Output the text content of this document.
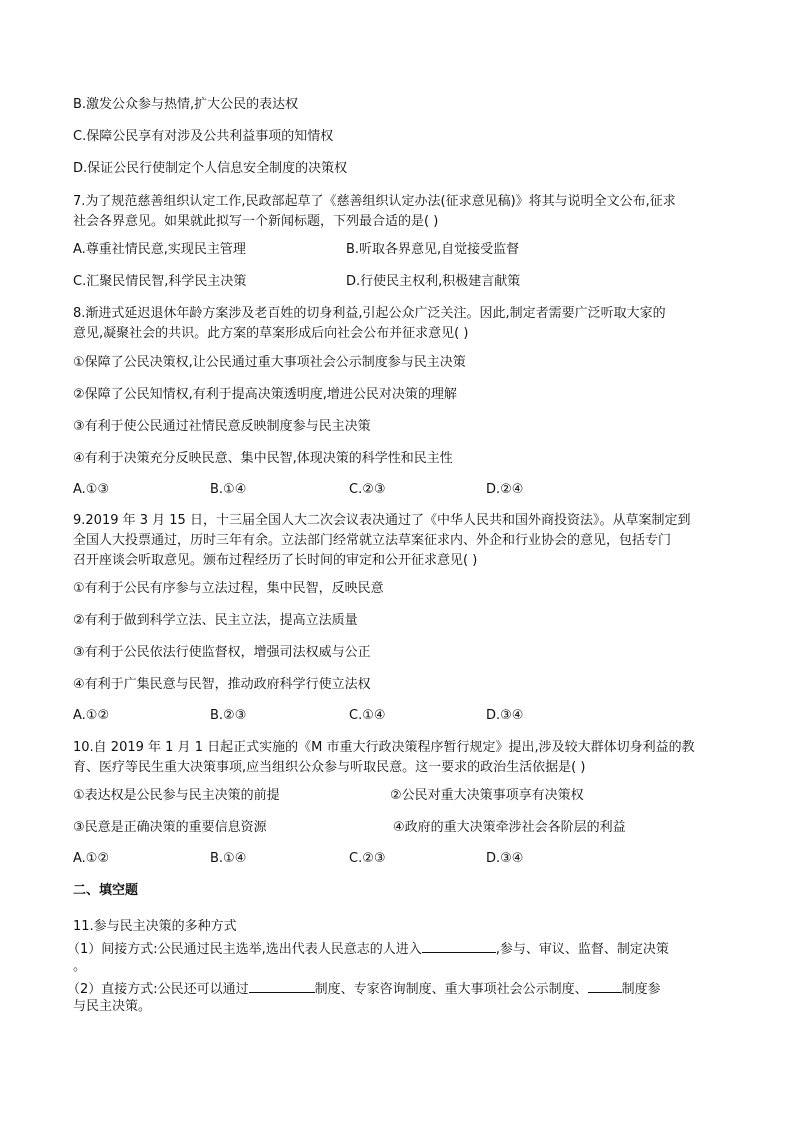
B.激发公众参与热情,扩大公民的表达权
C.保障公民享有对涉及公共利益事项的知情权
D.保证公民行使制定个人信息安全制度的决策权
7.为了规范慈善组织认定工作,民政部起草了《慈善组织认定办法(征求意见稿)》将其与说明全文公布,征求
社会各界意见。如果就此拟写一个新闻标题，下列最合适的是( )
A.尊重社情民意,实现民主管理	B.听取各界意见,自觉接受监督
C.汇聚民情民智,科学民主决策	D.行使民主权利,积极建言献策
8.渐进式延迟退休年龄方案涉及老百姓的切身利益,引起公众广泛关注。因此,制定者需要广泛听取大家的
意见,凝聚社会的共识。此方案的草案形成后向社会公布并征求意见( )
①保障了公民决策权,让公民通过重大事项社会公示制度参与民主决策
②保障了公民知情权,有利于提高决策透明度,增进公民对决策的理解
③有利于使公民通过社情民意反映制度参与民主决策
④有利于决策充分反映民意、集中民智,体现决策的科学性和民主性
A.①③	B.①④	C.②③	D.②④
9.2019 年 3 月 15 日，十三届全国人大二次会议表决通过了《中华人民共和国外商投资法》。从草案制定到
全国人大投票通过，历时三年有余。立法部门经常就立法草案征求内、外企和行业协会的意见，包括专门
召开座谈会听取意见。颁布过程经历了长时间的审定和公开征求意见( )
①有利于公民有序参与立法过程，集中民智，反映民意
②有利于做到科学立法、民主立法，提高立法质量
③有利于公民依法行使监督权，增强司法权威与公正
④有利于广集民意与民智，推动政府科学行使立法权
A.①②	B.②③	C.①④	D.③④
10.自 2019 年 1 月 1 日起正式实施的《M 市重大行政决策程序暂行规定》提出,涉及较大群体切身利益的教
育、医疗等民生重大决策事项,应当组织公众参与听取民意。这一要求的政治生活依据是( )
①表达权是公民参与民主决策的前提	②公民对重大决策事项享有决策权
③民意是正确决策的重要信息资源	④政府的重大决策牵涉社会各阶层的利益
A.①②	B.①④	C.②③	D.③④
二、填空题
11.参与民主决策的多种方式
（1）间接方式:公民通过民主选举,选出代表人民意志的人进入	,参与、审议、监督、制定决策
。
（2）直接方式:公民还可以通过	制度、专家咨询制度、重大事项社会公示制度、	制度参
与民主决策。
